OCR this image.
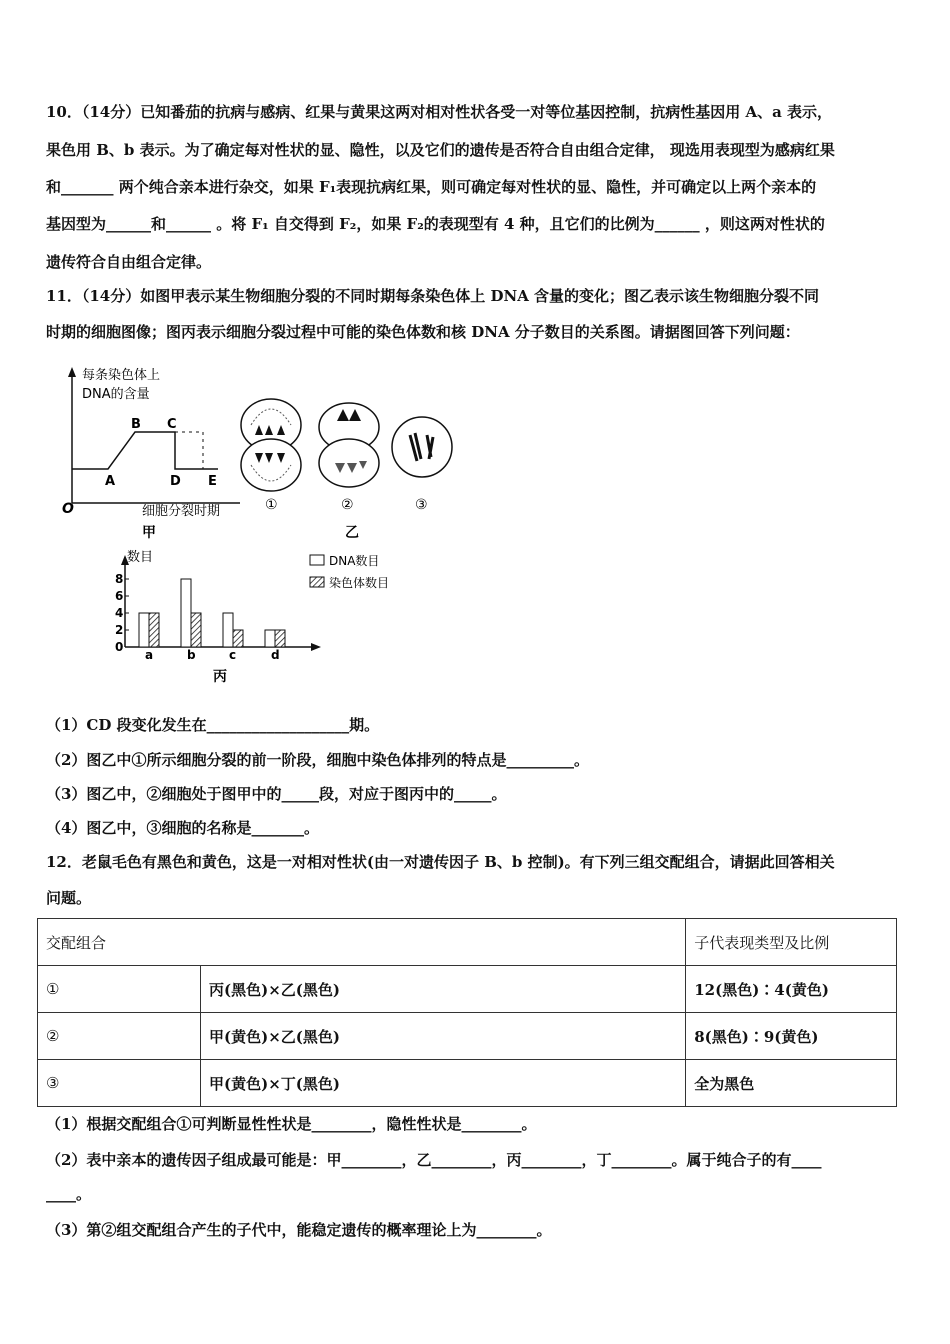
10．（14分）已知番茄的抗病与感病、红果与黄果这两对相对性状各受一对等位基因控制，抗病性基因用 A、a 表示，
果色用 B、b 表示。为了确定每对性状的显、隐性，以及它们的遗传是否符合自由组合定律， 现选用表现型为感病红果
和_______ 两个纯合亲本进行杂交，如果 F₁表现抗病红果，则可确定每对性状的显、隐性，并可确定以上两个亲本的
基因型为______和______ 。将 F₁ 自交得到 F₂，如果 F₂的表现型有 4 种，且它们的比例为______ ，则这两对性状的
遗传符合自由组合定律。
11．（14分）如图甲表示某生物细胞分裂的不同时期每条染色体上 DNA 含量的变化；图乙表示该生物细胞分裂不同
时期的细胞图像；图丙表示细胞分裂过程中可能的染色体数和核 DNA 分子数目的关系图。请据图回答下列问题：
每条染色体上
DNA的含量
A
B C
D E
O	细胞分裂时期
甲
①	②	③
乙
数目
0
2
4
6
8
a	b	c	d
DNA数目
染色体数目
丙
（1）CD 段变化发生在___________________期。
（2）图乙中①所示细胞分裂的前一阶段，细胞中染色体排列的特点是_________。
（3）图乙中，②细胞处于图甲中的_____段，对应于图丙中的_____。
（4）图乙中，③细胞的名称是_______。
12．老鼠毛色有黑色和黄色，这是一对相对性状(由一对遗传因子 B、b 控制)。有下列三组交配组合，请据此回答相关
问题。
交配组合		子代表现类型及比例
①	丙(黑色)×乙(黑色)	12(黑色)∶4(黄色)
②	甲(黄色)×乙(黑色)	8(黑色)∶9(黄色)
③	甲(黄色)×丁(黑色)	全为黑色
（1）根据交配组合①可判断显性性状是________，隐性性状是________。
（2）表中亲本的遗传因子组成最可能是：甲________，乙________，丙________，丁________。属于纯合子的有____
____。
（3）第②组交配组合产生的子代中，能稳定遗传的概率理论上为________。
